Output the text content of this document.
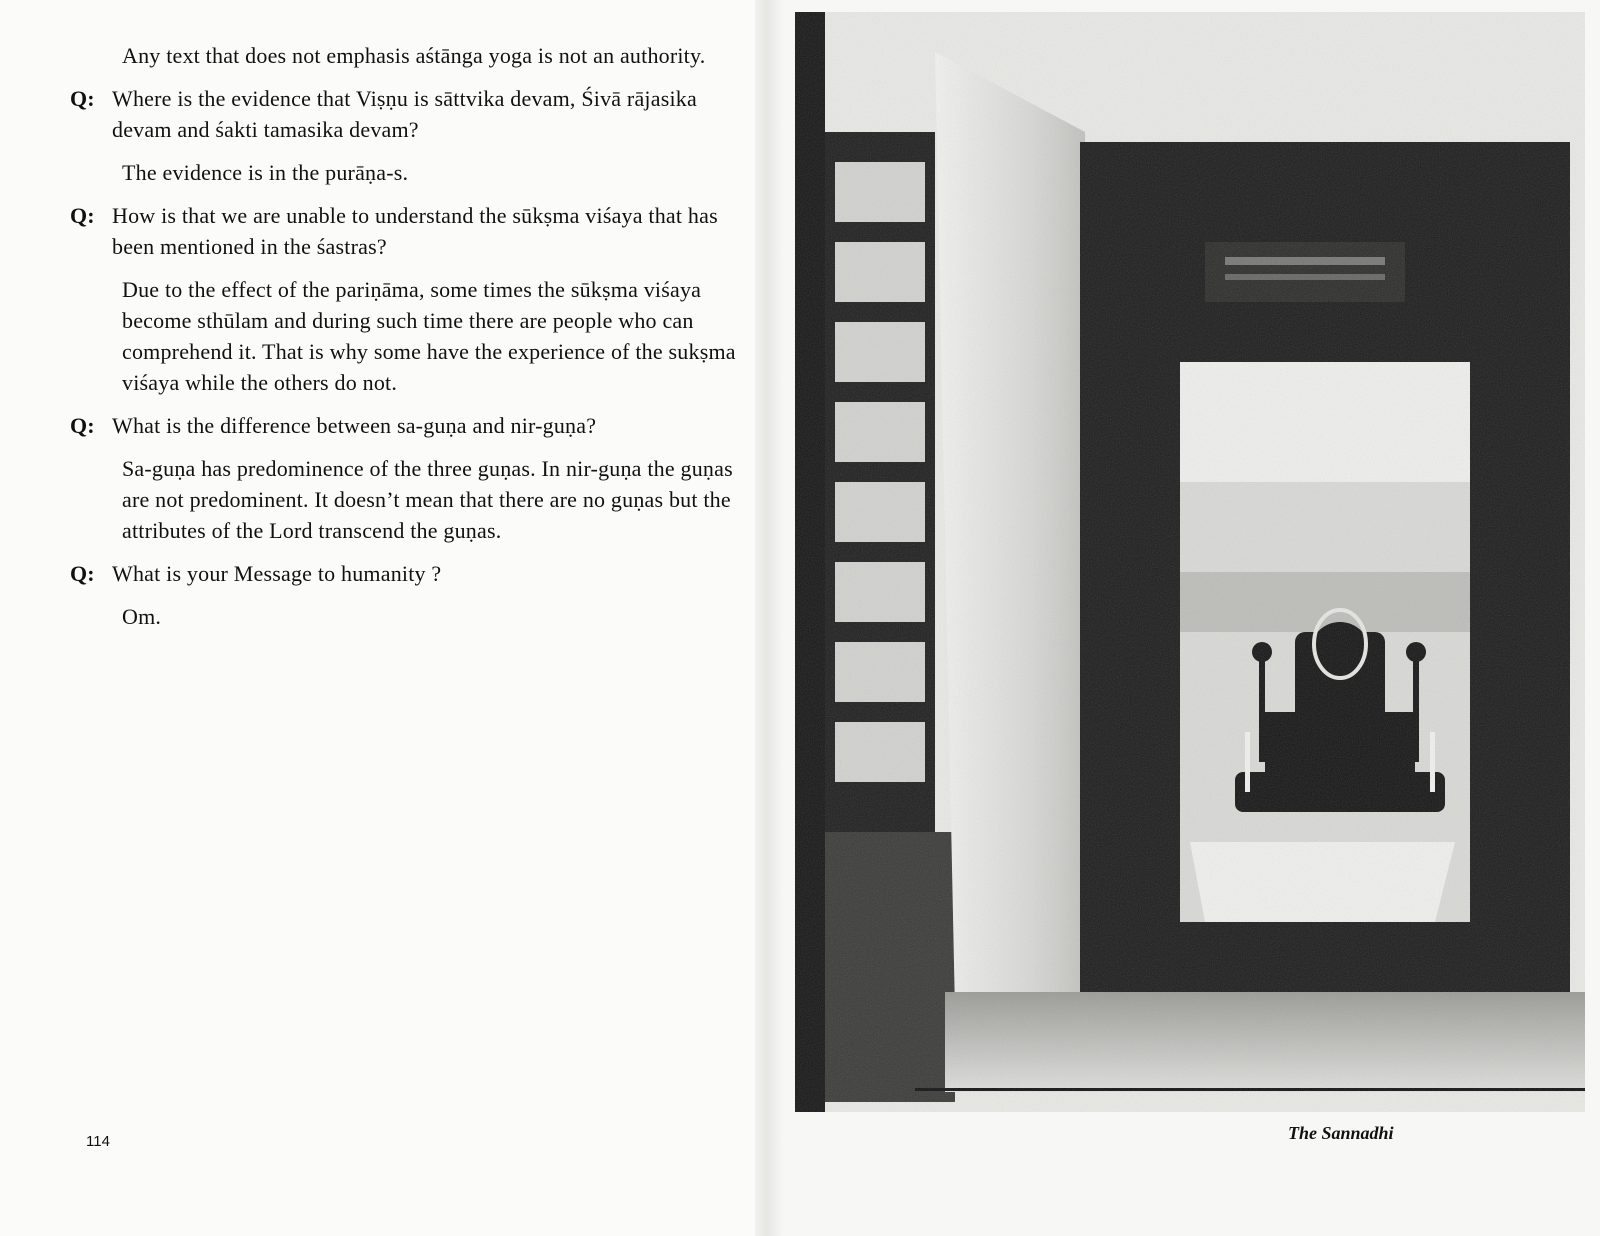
Any text that does not emphasis aśtānga yoga is not an authority.
Q: Where is the evidence that Viṣṇu is sāttvika devam, Śivā rājasika devam and śakti tamasika devam?
The evidence is in the purāṇa-s.
Q: How is that we are unable to understand the sūkṣma viśaya that has been mentioned in the śastras?
Due to the effect of the pariṇāma, some times the sūkṣma viśaya become sthūlam and during such time there are people who can comprehend it. That is why some have the experience of the sukṣma viśaya while the others do not.
Q: What is the difference between sa-guṇa and nir-guṇa?
Sa-guṇa has predominence of the three guṇas. In nir-guṇa the guṇas are not predominent. It doesn’t mean that there are no guṇas but the attributes of the Lord transcend the guṇas.
Q: What is your Message to humanity ?
Om.
114	The Sannadhi
